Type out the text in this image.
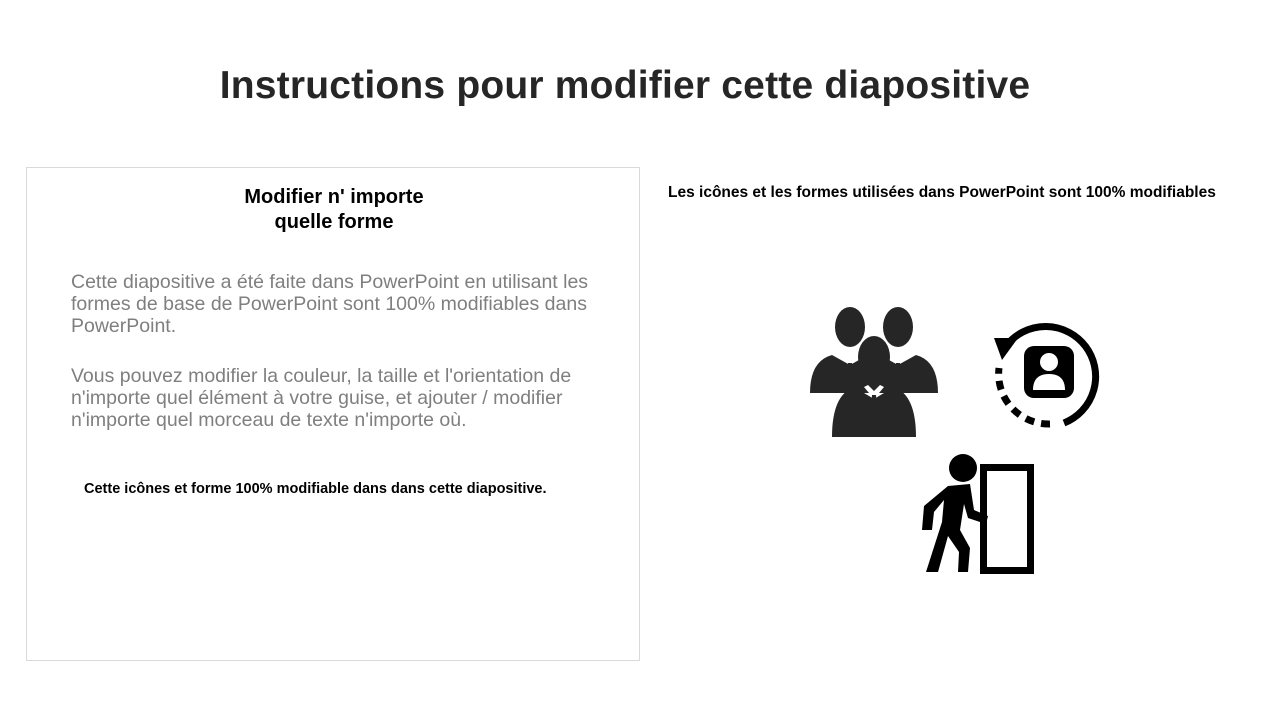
Instructions pour modifier cette diapositive
Modifier n' importe
quelle forme
Cette diapositive a été faite dans PowerPoint en utilisant les formes de base de PowerPoint sont 100% modifiables dans PowerPoint.
Vous pouvez modifier la couleur, la taille et l'orientation de n'importe quel élément à votre guise, et ajouter / modifier n'importe quel morceau de texte n'importe où.
Cette icônes et forme 100% modifiable dans dans cette diapositive.
Les icônes et les formes utilisées dans PowerPoint sont 100% modifiables
